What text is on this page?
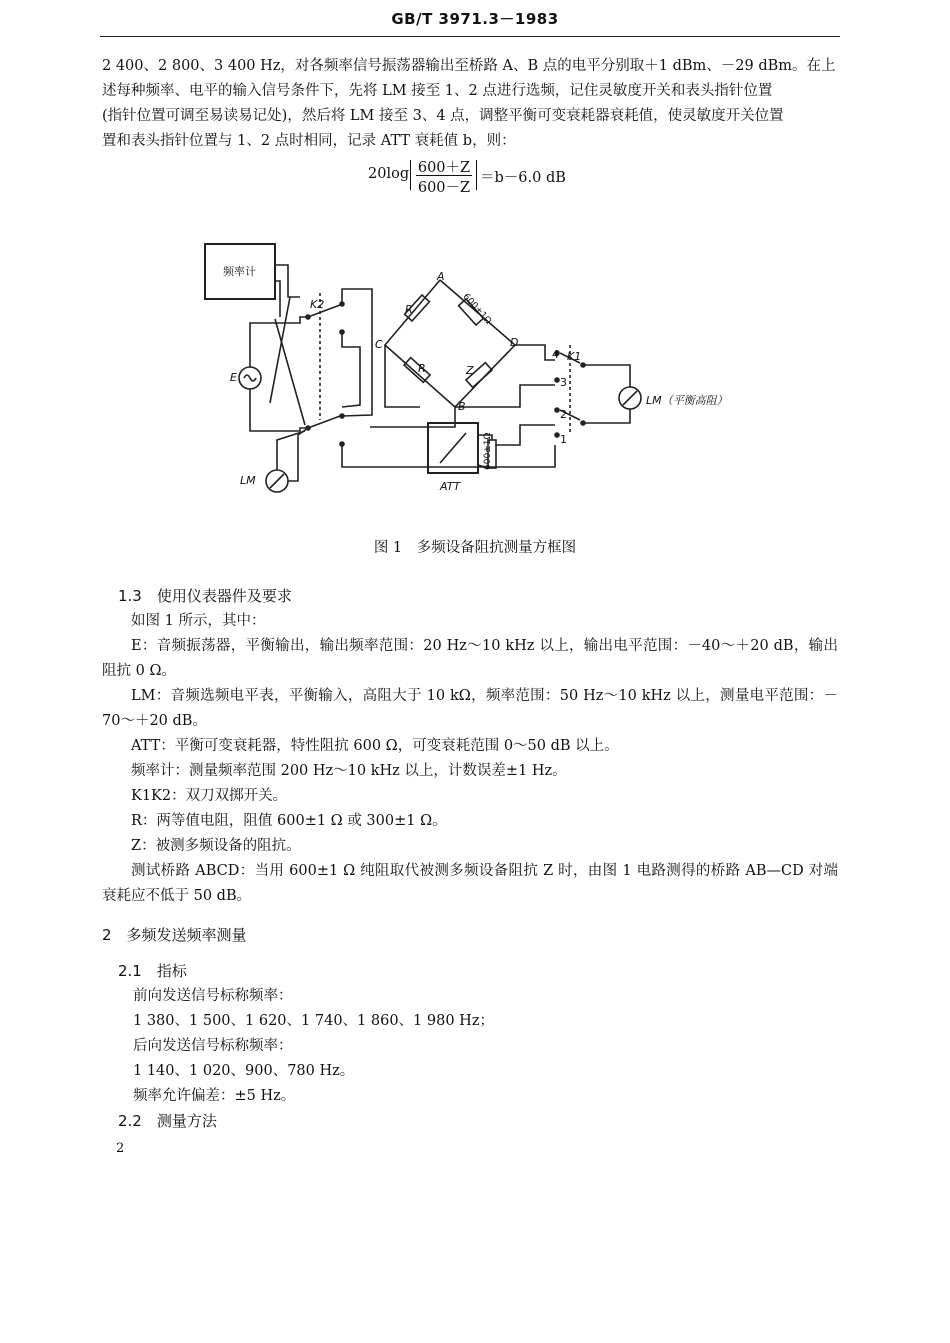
GB/T 3971.3－1983
2 400、2 800、3 400 Hz，对各频率信号振荡器输出至桥路 A、B 点的电平分别取＋1 dBm、－29 dBm。在上
述每种频率、电平的输入信号条件下，先将 LM 接至 1、2 点进行选频，记住灵敏度开关和表头指针位置
(指针位置可调至易读易记处)，然后将 LM 接至 3、4 点，调整平衡可变衰耗器衰耗值，使灵敏度开关位置
置和表头指针位置与 1、2 点时相同，记录 ATT 衰耗值 b，则：
20log 600＋Z
600－Z
＝b－6.0 dB
频率计
K2
E
LM
LM（平衡高阻）
ATT
A
B
C	D
R
R	Z
600±1Ω
600±1Ω
K1
1
2
3
4
图 1　多频设备阻抗测量方框图
1.3　使用仪表器件及要求
如图 1 所示，其中：
E：音频振荡器，平衡输出，输出频率范围：20 Hz～10 kHz 以上，输出电平范围：－40～＋20 dB，输出阻抗 0 Ω。
LM：音频选频电平表，平衡输入，高阻大于 10 kΩ，频率范围：50 Hz～10 kHz 以上，测量电平范围：－70～＋20 dB。
ATT：平衡可变衰耗器，特性阻抗 600 Ω，可变衰耗范围 0～50 dB 以上。
频率计：测量频率范围 200 Hz～10 kHz 以上，计数误差±1 Hz。
K1K2：双刀双掷开关。
R：两等值电阻，阻值 600±1 Ω 或 300±1 Ω。
Z：被测多频设备的阻抗。
测试桥路 ABCD：当用 600±1 Ω 纯阻取代被测多频设备阻抗 Z 时，由图 1 电路测得的桥路 AB—CD 对端衰耗应不低于 50 dB。
2　多频发送频率测量
2.1　指标
前向发送信号标称频率：
1 380、1 500、1 620、1 740、1 860、1 980 Hz；
后向发送信号标称频率：
1 140、1 020、900、780 Hz。
频率允许偏差：±5 Hz。
2.2　测量方法
2
